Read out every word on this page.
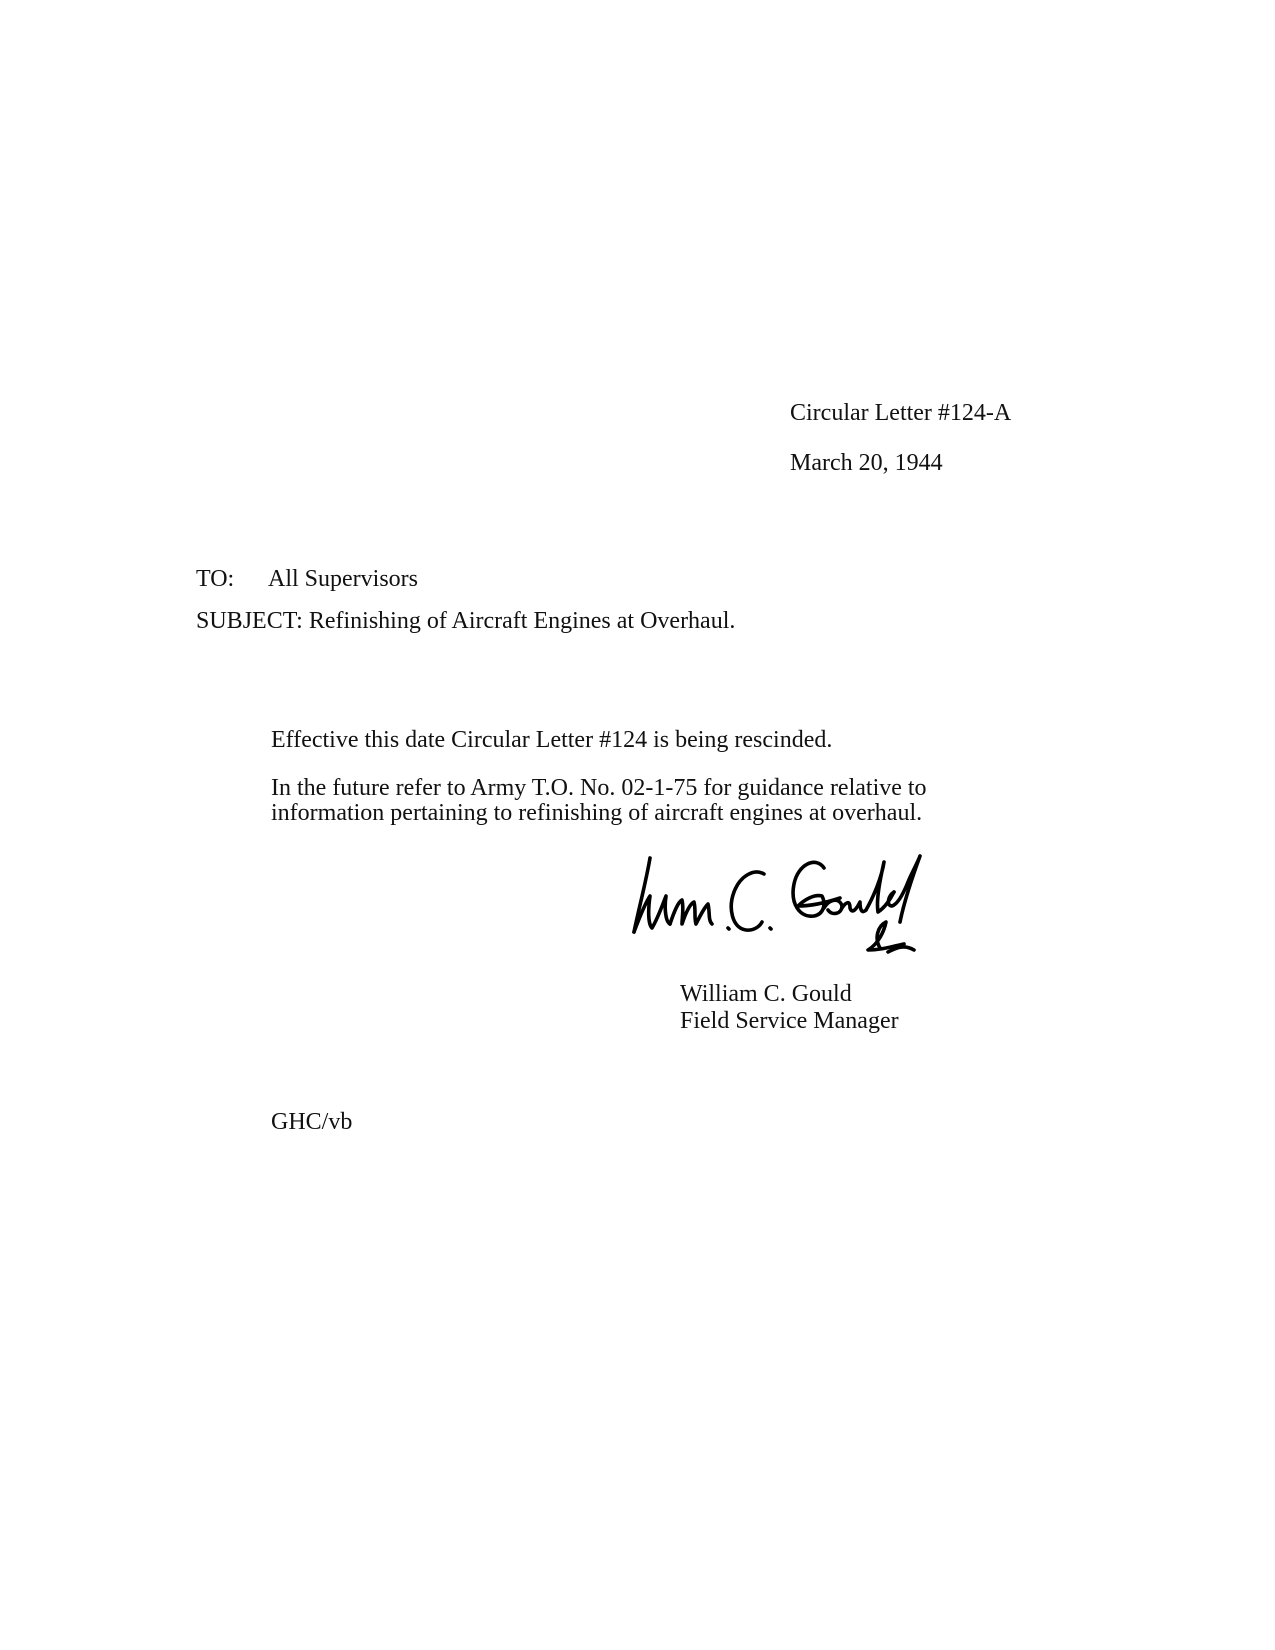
Circular Letter #124-A
March 20, 1944
TO: All Supervisors
SUBJECT: Refinishing of Aircraft Engines at Overhaul.
Effective this date Circular Letter #124 is being rescinded.
In the future refer to Army T.O. No. 02-1-75 for guidance relative to
information pertaining to refinishing of aircraft engines at overhaul.
William C. Gould
Field Service Manager
GHC/vb
